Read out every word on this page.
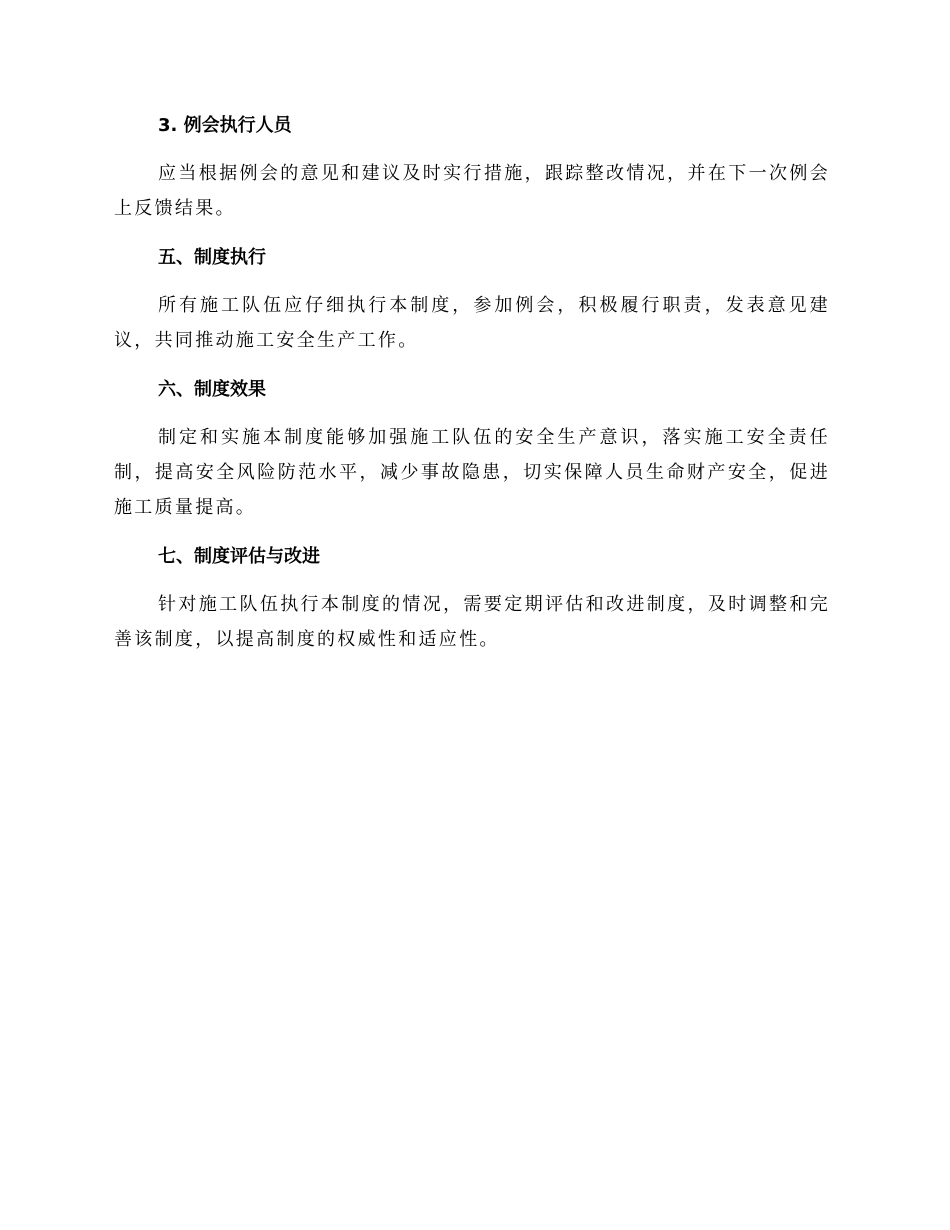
3. 例会执行人员

应当根据例会的意见和建议及时实行措施，跟踪整改情况，并在下一次例会上反馈结果。

五、制度执行

所有施工队伍应仔细执行本制度，参加例会，积极履行职责，发表意见建议，共同推动施工安全生产工作。

六、制度效果

制定和实施本制度能够加强施工队伍的安全生产意识，落实施工安全责任制，提高安全风险防范水平，减少事故隐患，切实保障人员生命财产安全，促进施工质量提高。

七、制度评估与改进

针对施工队伍执行本制度的情况，需要定期评估和改进制度，及时调整和完善该制度，以提高制度的权威性和适应性。
